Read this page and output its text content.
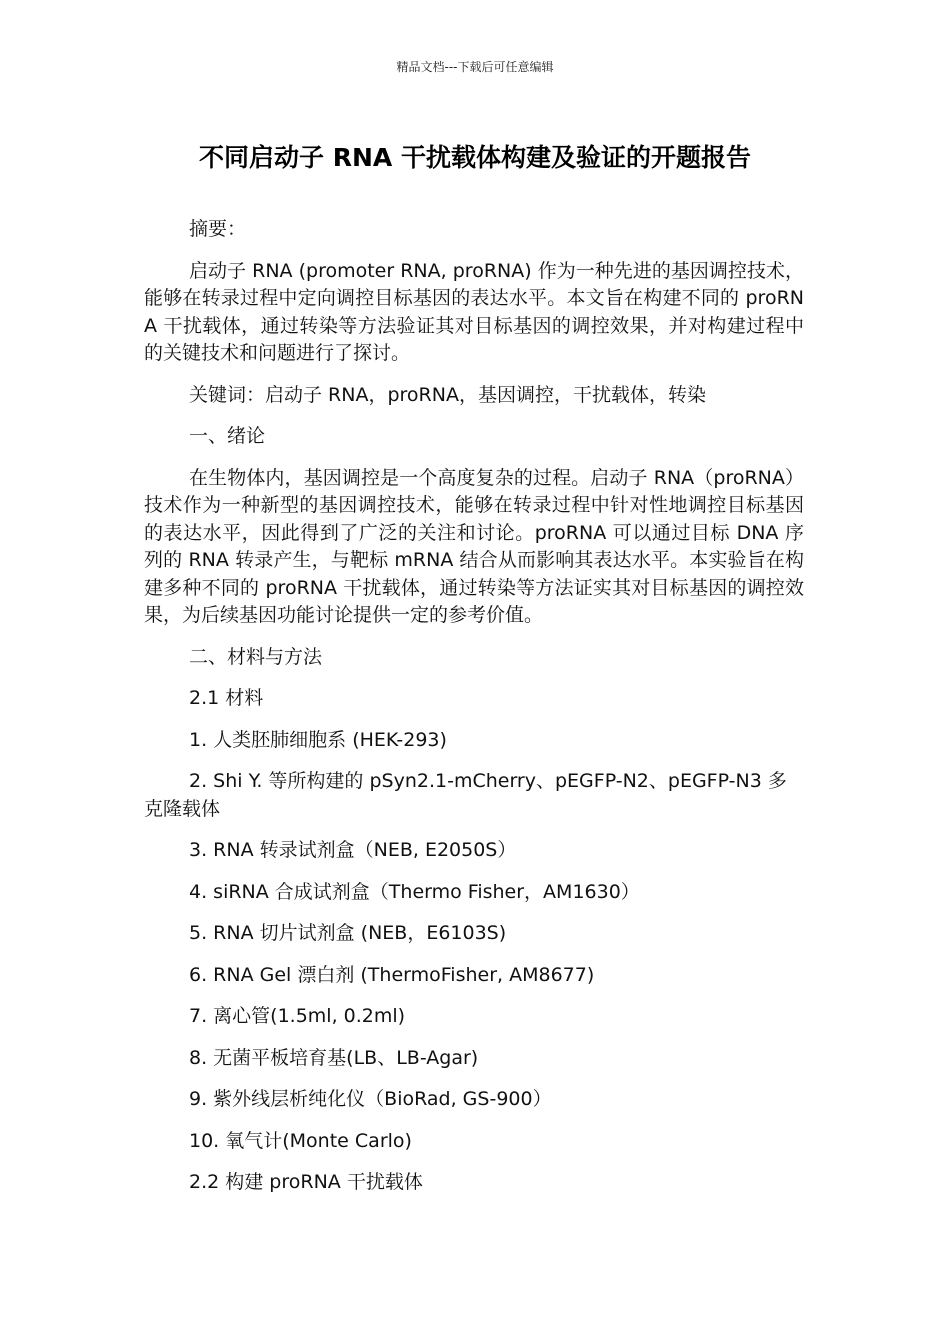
精品文档---下载后可任意编辑
不同启动子 RNA 干扰载体构建及验证的开题报告

摘要：

启动子 RNA (promoter RNA, proRNA) 作为一种先进的基因调控技术，能够在转录过程中定向调控目标基因的表达水平。本文旨在构建不同的 proRNA 干扰载体，通过转染等方法验证其对目标基因的调控效果，并对构建过程中的关键技术和问题进行了探讨。

关键词：启动子 RNA，proRNA，基因调控，干扰载体，转染

一、绪论

在生物体内，基因调控是一个高度复杂的过程。启动子 RNA（proRNA）技术作为一种新型的基因调控技术，能够在转录过程中针对性地调控目标基因的表达水平，因此得到了广泛的关注和讨论。proRNA 可以通过目标 DNA 序列的 RNA 转录产生，与靶标 mRNA 结合从而影响其表达水平。本实验旨在构建多种不同的 proRNA 干扰载体，通过转染等方法证实其对目标基因的调控效果，为后续基因功能讨论提供一定的参考价值。

二、材料与方法

2.1 材料

1. 人类胚肺细胞系 (HEK-293)

2. Shi Y. 等所构建的 pSyn2.1-mCherry、pEGFP-N2、pEGFP-N3 多克隆载体

3. RNA 转录试剂盒（NEB, E2050S）

4. siRNA 合成试剂盒（Thermo Fisher，AM1630）

5. RNA 切片试剂盒 (NEB，E6103S)

6. RNA Gel 漂白剂 (ThermoFisher, AM8677)

7. 离心管(1.5ml, 0.2ml)

8. 无菌平板培育基(LB、LB-Agar)

9. 紫外线层析纯化仪（BioRad, GS-900）

10. 氧气计(Monte Carlo)

2.2 构建 proRNA 干扰载体
